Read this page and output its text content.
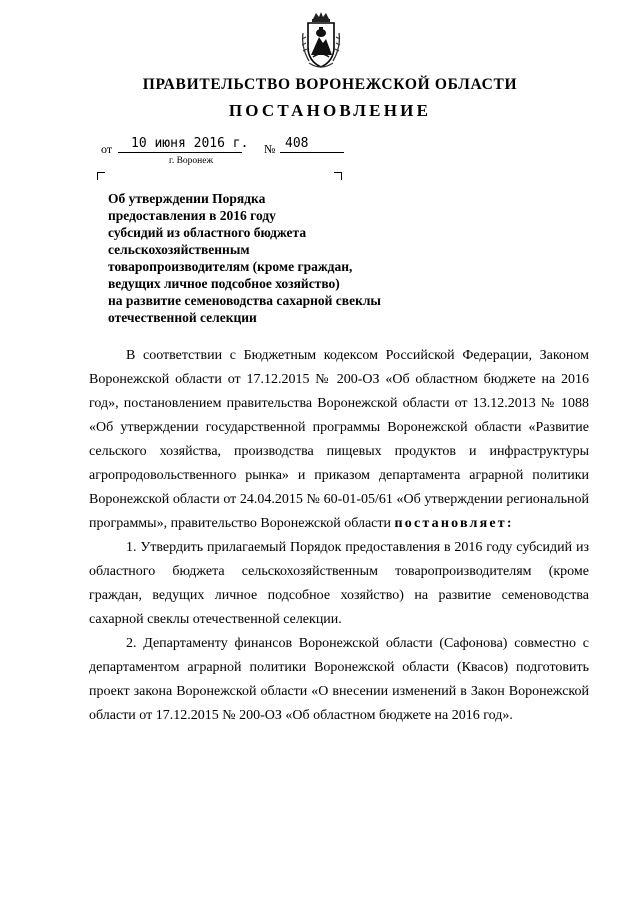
ПРАВИТЕЛЬСТВО ВОРОНЕЖСКОЙ ОБЛАСТИ
ПОСТАНОВЛЕНИЕ
от 10 июня 2016 г. № 408
г. Воронеж
Об утверждении Порядка
предоставления в 2016 году
субсидий из областного бюджета
сельскохозяйственным
товаропроизводителям (кроме граждан,
ведущих личное подсобное хозяйство)
на развитие семеноводства сахарной свеклы
отечественной селекции

В соответствии с Бюджетным кодексом Российской Федерации, Законом Воронежской области от 17.12.2015 № 200-ОЗ «Об областном бюджете на 2016 год», постановлением правительства Воронежской области от 13.12.2013 № 1088 «Об утверждении государственной программы Воронежской области «Развитие сельского хозяйства, производства пищевых продуктов и инфраструктуры агропродовольственного рынка» и приказом департамента аграрной политики Воронежской области от 24.04.2015 № 60-01-05/61 «Об утверждении региональной программы», правительство Воронежской области постановляет:

1. Утвердить прилагаемый Порядок предоставления в 2016 году субсидий из областного бюджета сельскохозяйственным товаропроизводителям (кроме граждан, ведущих личное подсобное хозяйство) на развитие семеноводства сахарной свеклы отечественной селекции.

2. Департаменту финансов Воронежской области (Сафонова) совместно с департаментом аграрной политики Воронежской области (Квасов) подготовить проект закона Воронежской области «О внесении изменений в Закон Воронежской области от 17.12.2015 № 200-ОЗ «Об областном бюджете на 2016 год».
